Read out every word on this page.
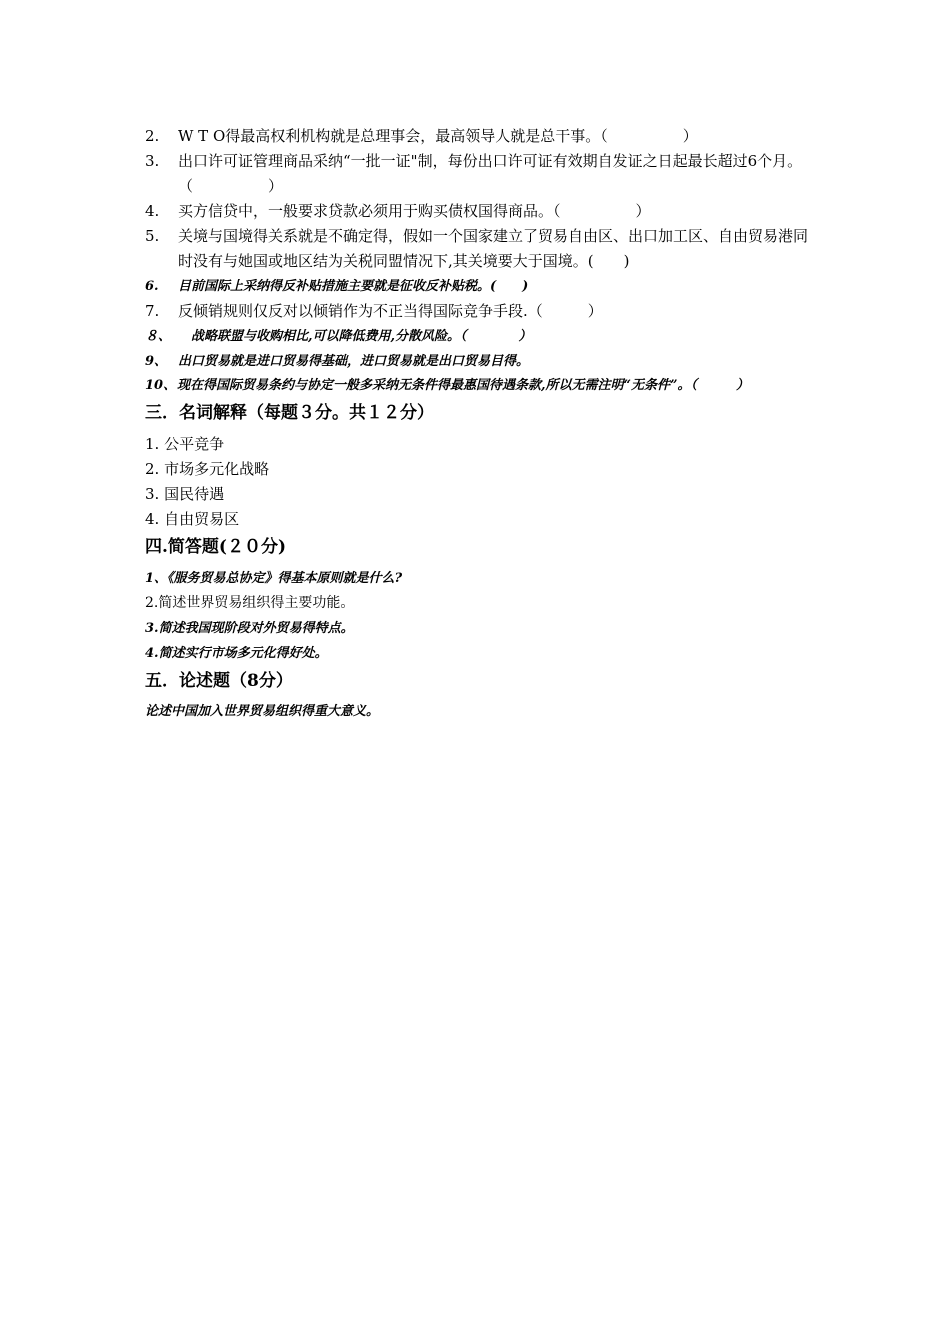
2.	W T O得最高权利机构就是总理事会，最高领导人就是总干事。（　　　　　）
3.	出口许可证管理商品采纳“一批一证"制，每份出口许可证有效期自发证之日起最长超过6个月。（　　　　　）
4.	买方信贷中，一般要求贷款必须用于购买债权国得商品。（　　　　　）
5.	关境与国境得关系就是不确定得，假如一个国家建立了贸易自由区、出口加工区、自由贸易港同时没有与她国或地区结为关税同盟情况下,其关境要大于国境。(　　)
6.	目前国际上采纳得反补贴措施主要就是征收反补贴税。(　　)
7.	反倾销规则仅反对以倾销作为不正当得国际竞争手段.（　　　）
８、 　战略联盟与收购相比,可以降低费用,分散风险。（　　　　）
9、 出口贸易就是进口贸易得基础，进口贸易就是出口贸易目得。
10、现在得国际贸易条约与协定一般多采纳无条件得最惠国待遇条款,所以无需注明“无条件”。（　　　）
三．名词解释（每题３分。共１２分）
1. 公平竞争
2. 市场多元化战略
3. 国民待遇
4. 自由贸易区
四.简答题(２０分)
1、《服务贸易总协定》得基本原则就是什么?
2.简述世界贸易组织得主要功能。
3.简述我国现阶段对外贸易得特点。
4.简述实行市场多元化得好处。
五．论述题（8分）
论述中国加入世界贸易组织得重大意义。
